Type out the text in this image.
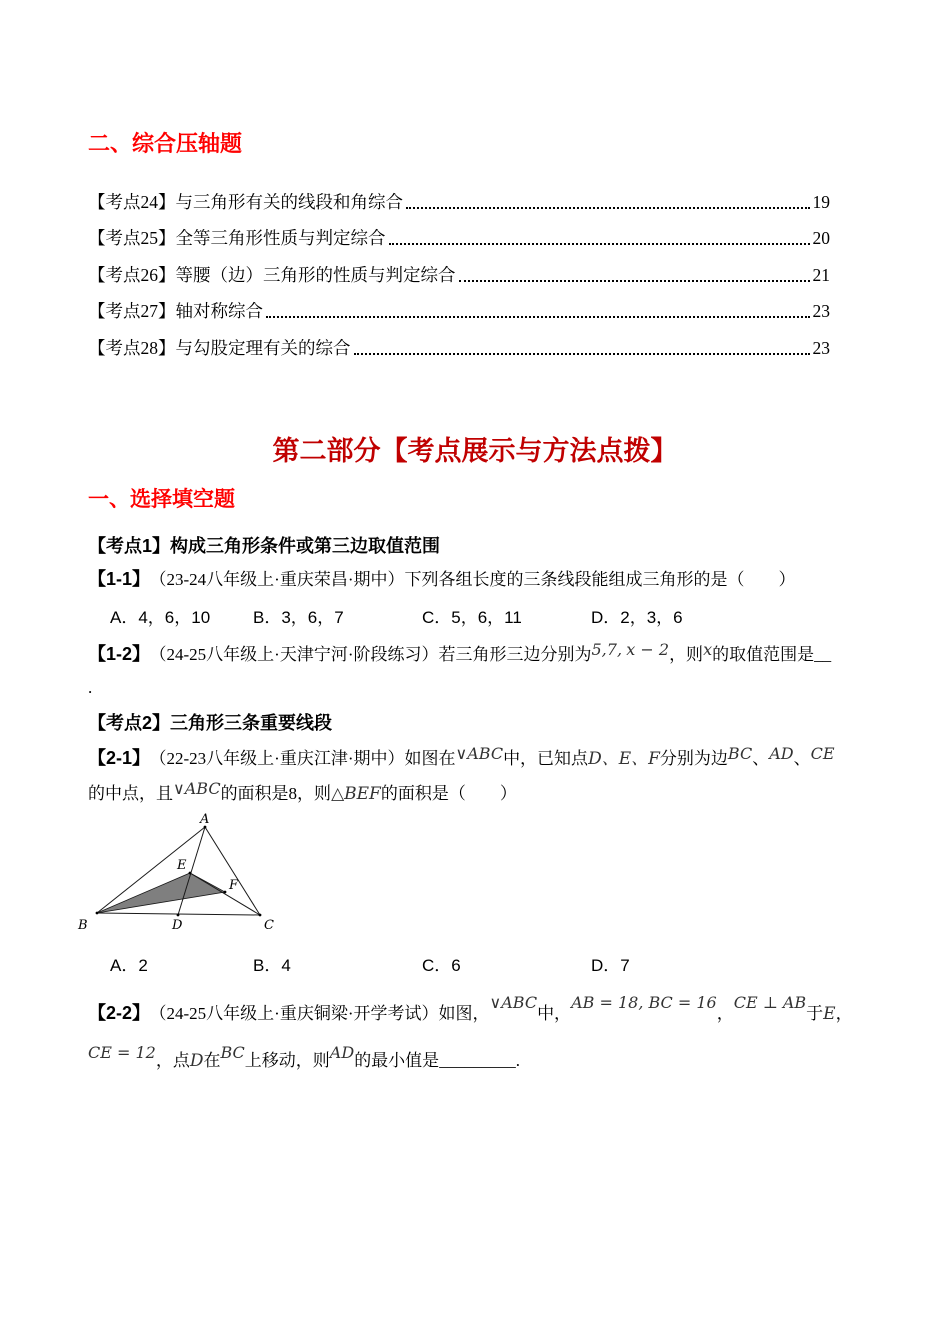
二、综合压轴题
【考点24】与三角形有关的线段和角综合	19
【考点25】全等三角形性质与判定综合	20
【考点26】等腰（边）三角形的性质与判定综合	21
【考点27】轴对称综合	23
【考点28】与勾股定理有关的综合	23
第二部分【考点展示与方法点拨】
一、选择填空题
【考点1】构成三角形条件或第三边取值范围
【1-1】 （23-24八年级上·重庆荣昌·期中）下列各组长度的三条线段能组成三角形的是（　　）
A．4，6，10	B．3，6，7	C．5，6，11	D．2，3，6
【1-2】 （24-25八年级上·天津宁河·阶段练习）若三角形三边分别为5,7, x − 2，则x的取值范围是__
.
【考点2】三角形三条重要线段
【2-1】 （22-23八年级上·重庆江津·期中）如图在∨ABC中，已知点D、E、F分别为边BC、AD、CE
的中点，且∨ABC的面积是8，则△BEF的面积是（　　）
A
B	C
D
E
F
A．2	B．4	C．6	D．7
【2-2】 （24-25八年级上·重庆铜梁·开学考试）如图，∨ABC中，AB = 18, BC = 16，CE ⊥ AB于E，
CE = 12，点D在BC上移动，则AD的最小值是_________.
